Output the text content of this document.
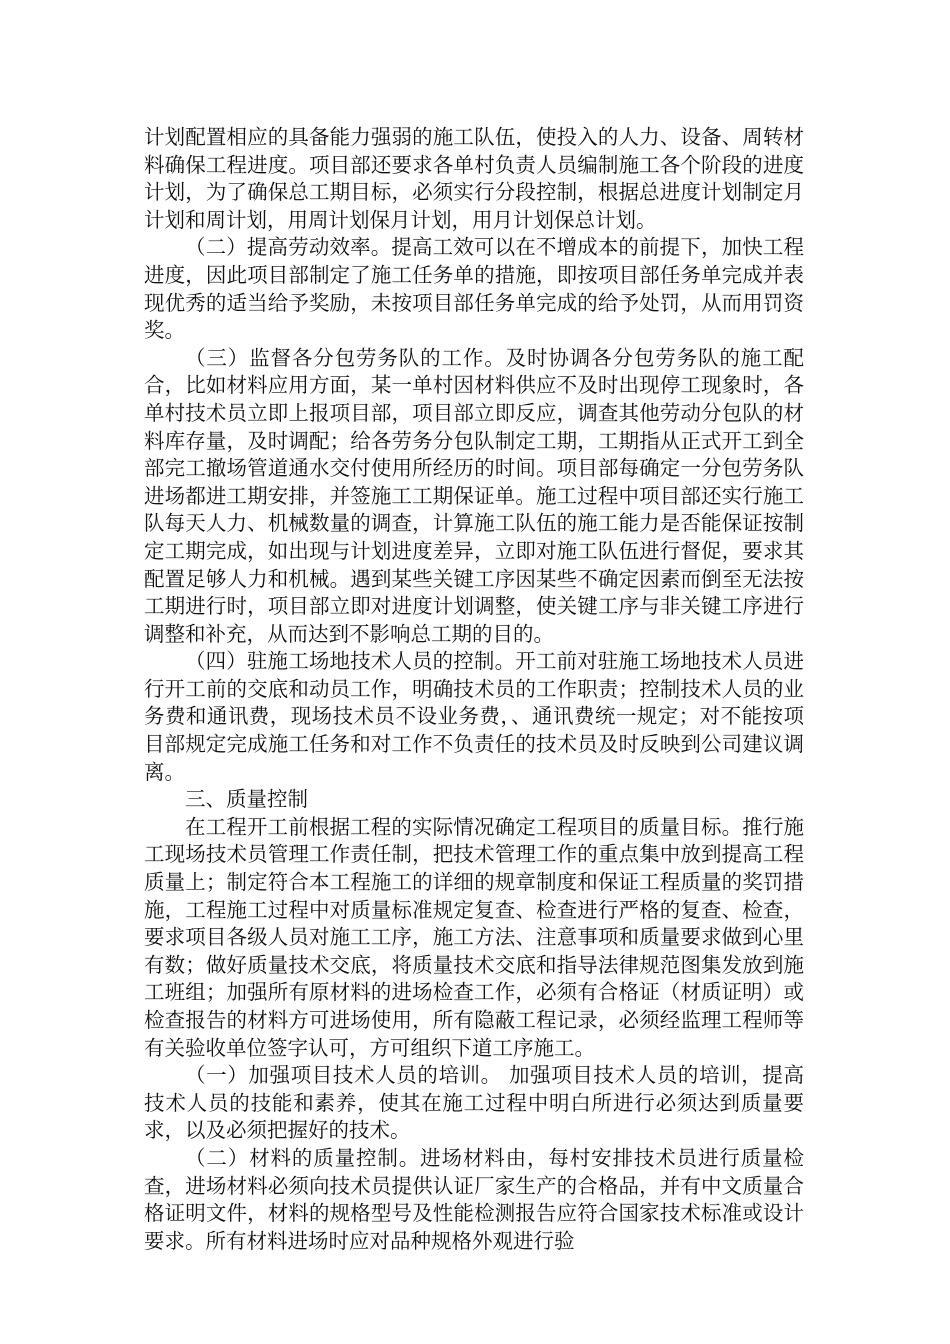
计划配置相应的具备能力强弱的施工队伍，使投入的人力、设备、周转材料确保工程进度。项目部还要求各单村负责人员编制施工各个阶段的进度计划，为了确保总工期目标，必须实行分段控制，根据总进度计划制定月计划和周计划，用周计划保月计划，用月计划保总计划。

（二）提高劳动效率。提高工效可以在不增成本的前提下，加快工程进度，因此项目部制定了施工任务单的措施，即按项目部任务单完成并表现优秀的适当给予奖励，未按项目部任务单完成的给予处罚，从而用罚资奖。

（三）监督各分包劳务队的工作。及时协调各分包劳务队的施工配合，比如材料应用方面，某一单村因材料供应不及时出现停工现象时，各单村技术员立即上报项目部，项目部立即反应，调查其他劳动分包队的材料库存量，及时调配；给各劳务分包队制定工期，工期指从正式开工到全部完工撤场管道通水交付使用所经历的时间。项目部每确定一分包劳务队进场都进工期安排，并签施工工期保证单。施工过程中项目部还实行施工队每天人力、机械数量的调查，计算施工队伍的施工能力是否能保证按制定工期完成，如出现与计划进度差异，立即对施工队伍进行督促，要求其配置足够人力和机械。遇到某些关键工序因某些不确定因素而倒至无法按工期进行时，项目部立即对进度计划调整，使关键工序与非关键工序进行调整和补充，从而达到不影响总工期的目的。

（四）驻施工场地技术人员的控制。开工前对驻施工场地技术人员进行开工前的交底和动员工作，明确技术员的工作职责；控制技术人员的业务费和通讯费，现场技术员不设业务费，、通讯费统一规定；对不能按项目部规定完成施工任务和对工作不负责任的技术员及时反映到公司建议调离。

三、质量控制

在工程开工前根据工程的实际情况确定工程项目的质量目标。推行施工现场技术员管理工作责任制，把技术管理工作的重点集中放到提高工程质量上；制定符合本工程施工的详细的规章制度和保证工程质量的奖罚措施，工程施工过程中对质量标准规定复查、检查进行严格的复查、检查，要求项目各级人员对施工工序，施工方法、注意事项和质量要求做到心里有数；做好质量技术交底，将质量技术交底和指导法律规范图集发放到施工班组；加强所有原材料的进场检查工作，必须有合格证（材质证明）或检查报告的材料方可进场使用，所有隐蔽工程记录，必须经监理工程师等有关验收单位签字认可，方可组织下道工序施工。

（一）加强项目技术人员的培训。 加强项目技术人员的培训，提高技术人员的技能和素养，使其在施工过程中明白所进行必须达到质量要求，以及必须把握好的技术。

（二）材料的质量控制。进场材料由，每村安排技术员进行质量检查，进场材料必须向技术员提供认证厂家生产的合格品，并有中文质量合格证明文件，材料的规格型号及性能检测报告应符合国家技术标准或设计要求。所有材料进场时应对品种规格外观进行验
